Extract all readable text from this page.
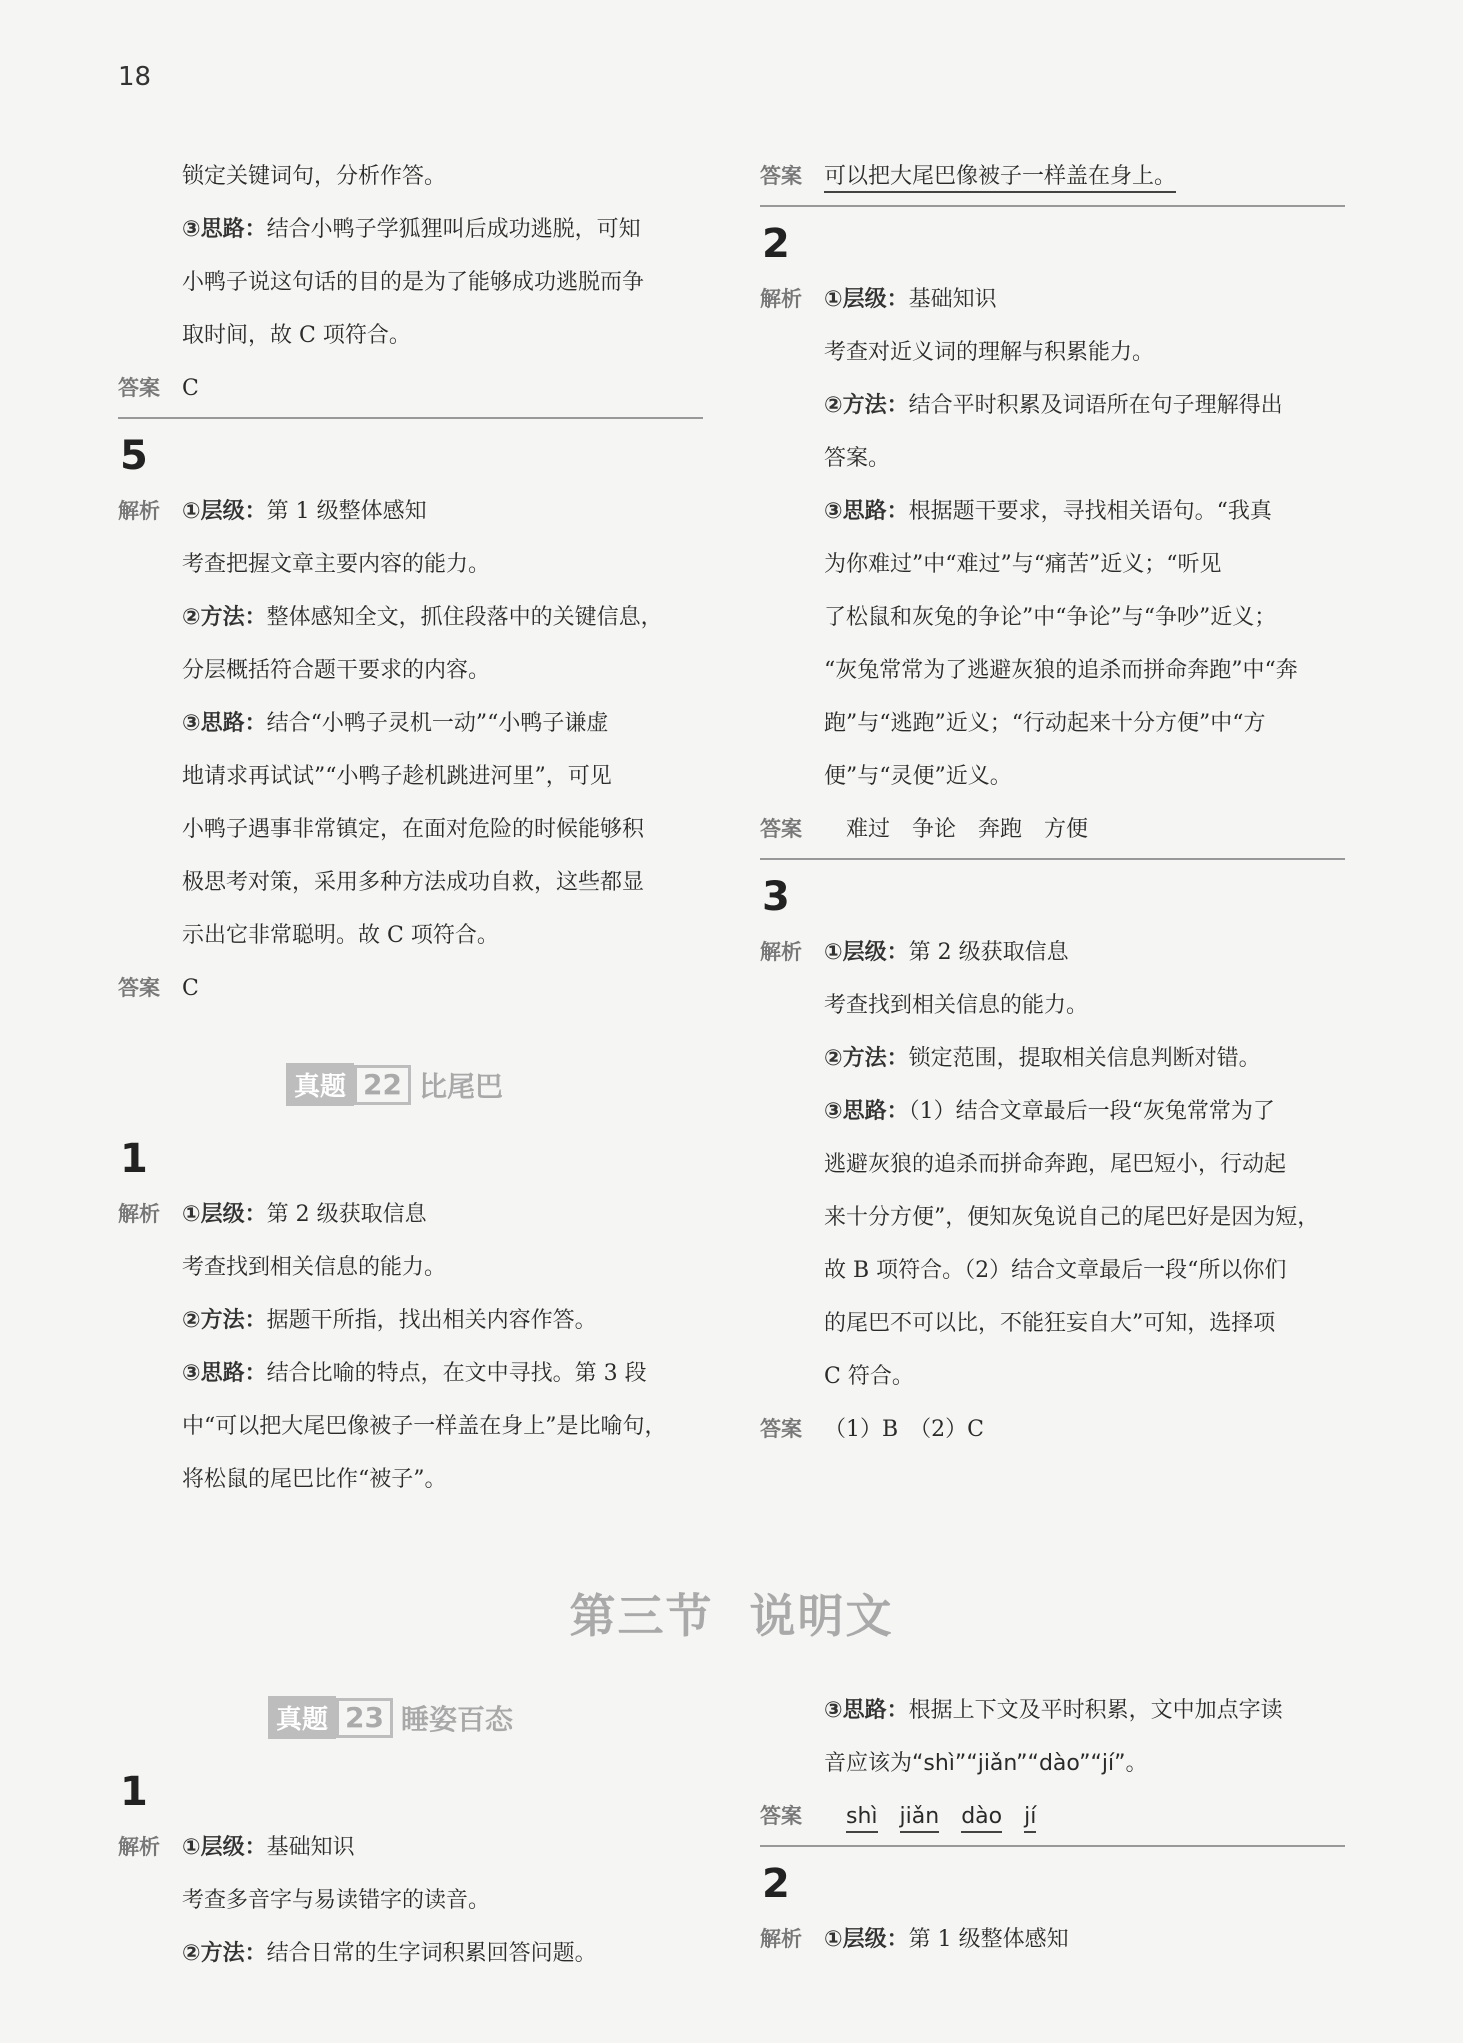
18

锁定关键词句，分析作答。

③思路：结合小鸭子学狐狸叫后成功逃脱，可知

小鸭子说这句话的目的是为了能够成功逃脱而争

取时间，故 C 项符合。

答案 C
5

解析 ①层级：第 1 级整体感知

考查把握文章主要内容的能力。

②方法：整体感知全文，抓住段落中的关键信息，

分层概括符合题干要求的内容。

③思路：结合“小鸭子灵机一动”“小鸭子谦虚

地请求再试试”“小鸭子趁机跳进河里”，可见

小鸭子遇事非常镇定，在面对危险的时候能够积

极思考对策，采用多种方法成功自救，这些都显

示出它非常聪明。故 C 项符合。

答案 C
真题 22 比尾巴
1

解析 ①层级：第 2 级获取信息

考查找到相关信息的能力。

②方法：据题干所指，找出相关内容作答。

③思路：结合比喻的特点，在文中寻找。第 3 段

中“可以把大尾巴像被子一样盖在身上”是比喻句，

将松鼠的尾巴比作“被子”。

答案 可以把大尾巴像被子一样盖在身上。
2

解析 ①层级：基础知识

考查对近义词的理解与积累能力。

②方法：结合平时积累及词语所在句子理解得出

答案。

③思路：根据题干要求，寻找相关语句。“我真

为你难过”中“难过”与“痛苦”近义；“听见

了松鼠和灰兔的争论”中“争论”与“争吵”近义；

“灰兔常常为了逃避灰狼的追杀而拼命奔跑”中“奔

跑”与“逃跑”近义；“行动起来十分方便”中“方

便”与“灵便”近义。

答案 难过 争论 奔跑 方便
3

解析 ①层级：第 2 级获取信息

考查找到相关信息的能力。

②方法：锁定范围，提取相关信息判断对错。

③思路：（1）结合文章最后一段“灰兔常常为了

逃避灰狼的追杀而拼命奔跑，尾巴短小，行动起

来十分方便”，便知灰兔说自己的尾巴好是因为短，

故 B 项符合。（2）结合文章最后一段“所以你们

的尾巴不可以比，不能狂妄自大”可知，选择项

C 符合。

答案 （1）B　（2）C
第三节 说明文
真题 23 睡姿百态
1

解析 ①层级：基础知识

考查多音字与易读错字的读音。

②方法：结合日常的生字词积累回答问题。

③思路：根据上下文及平时积累，文中加点字读

音应该为“shì”“jiǎn”“dào”“jí”。

答案 shì jiǎn dào jí
2

解析 ①层级：第 1 级整体感知
